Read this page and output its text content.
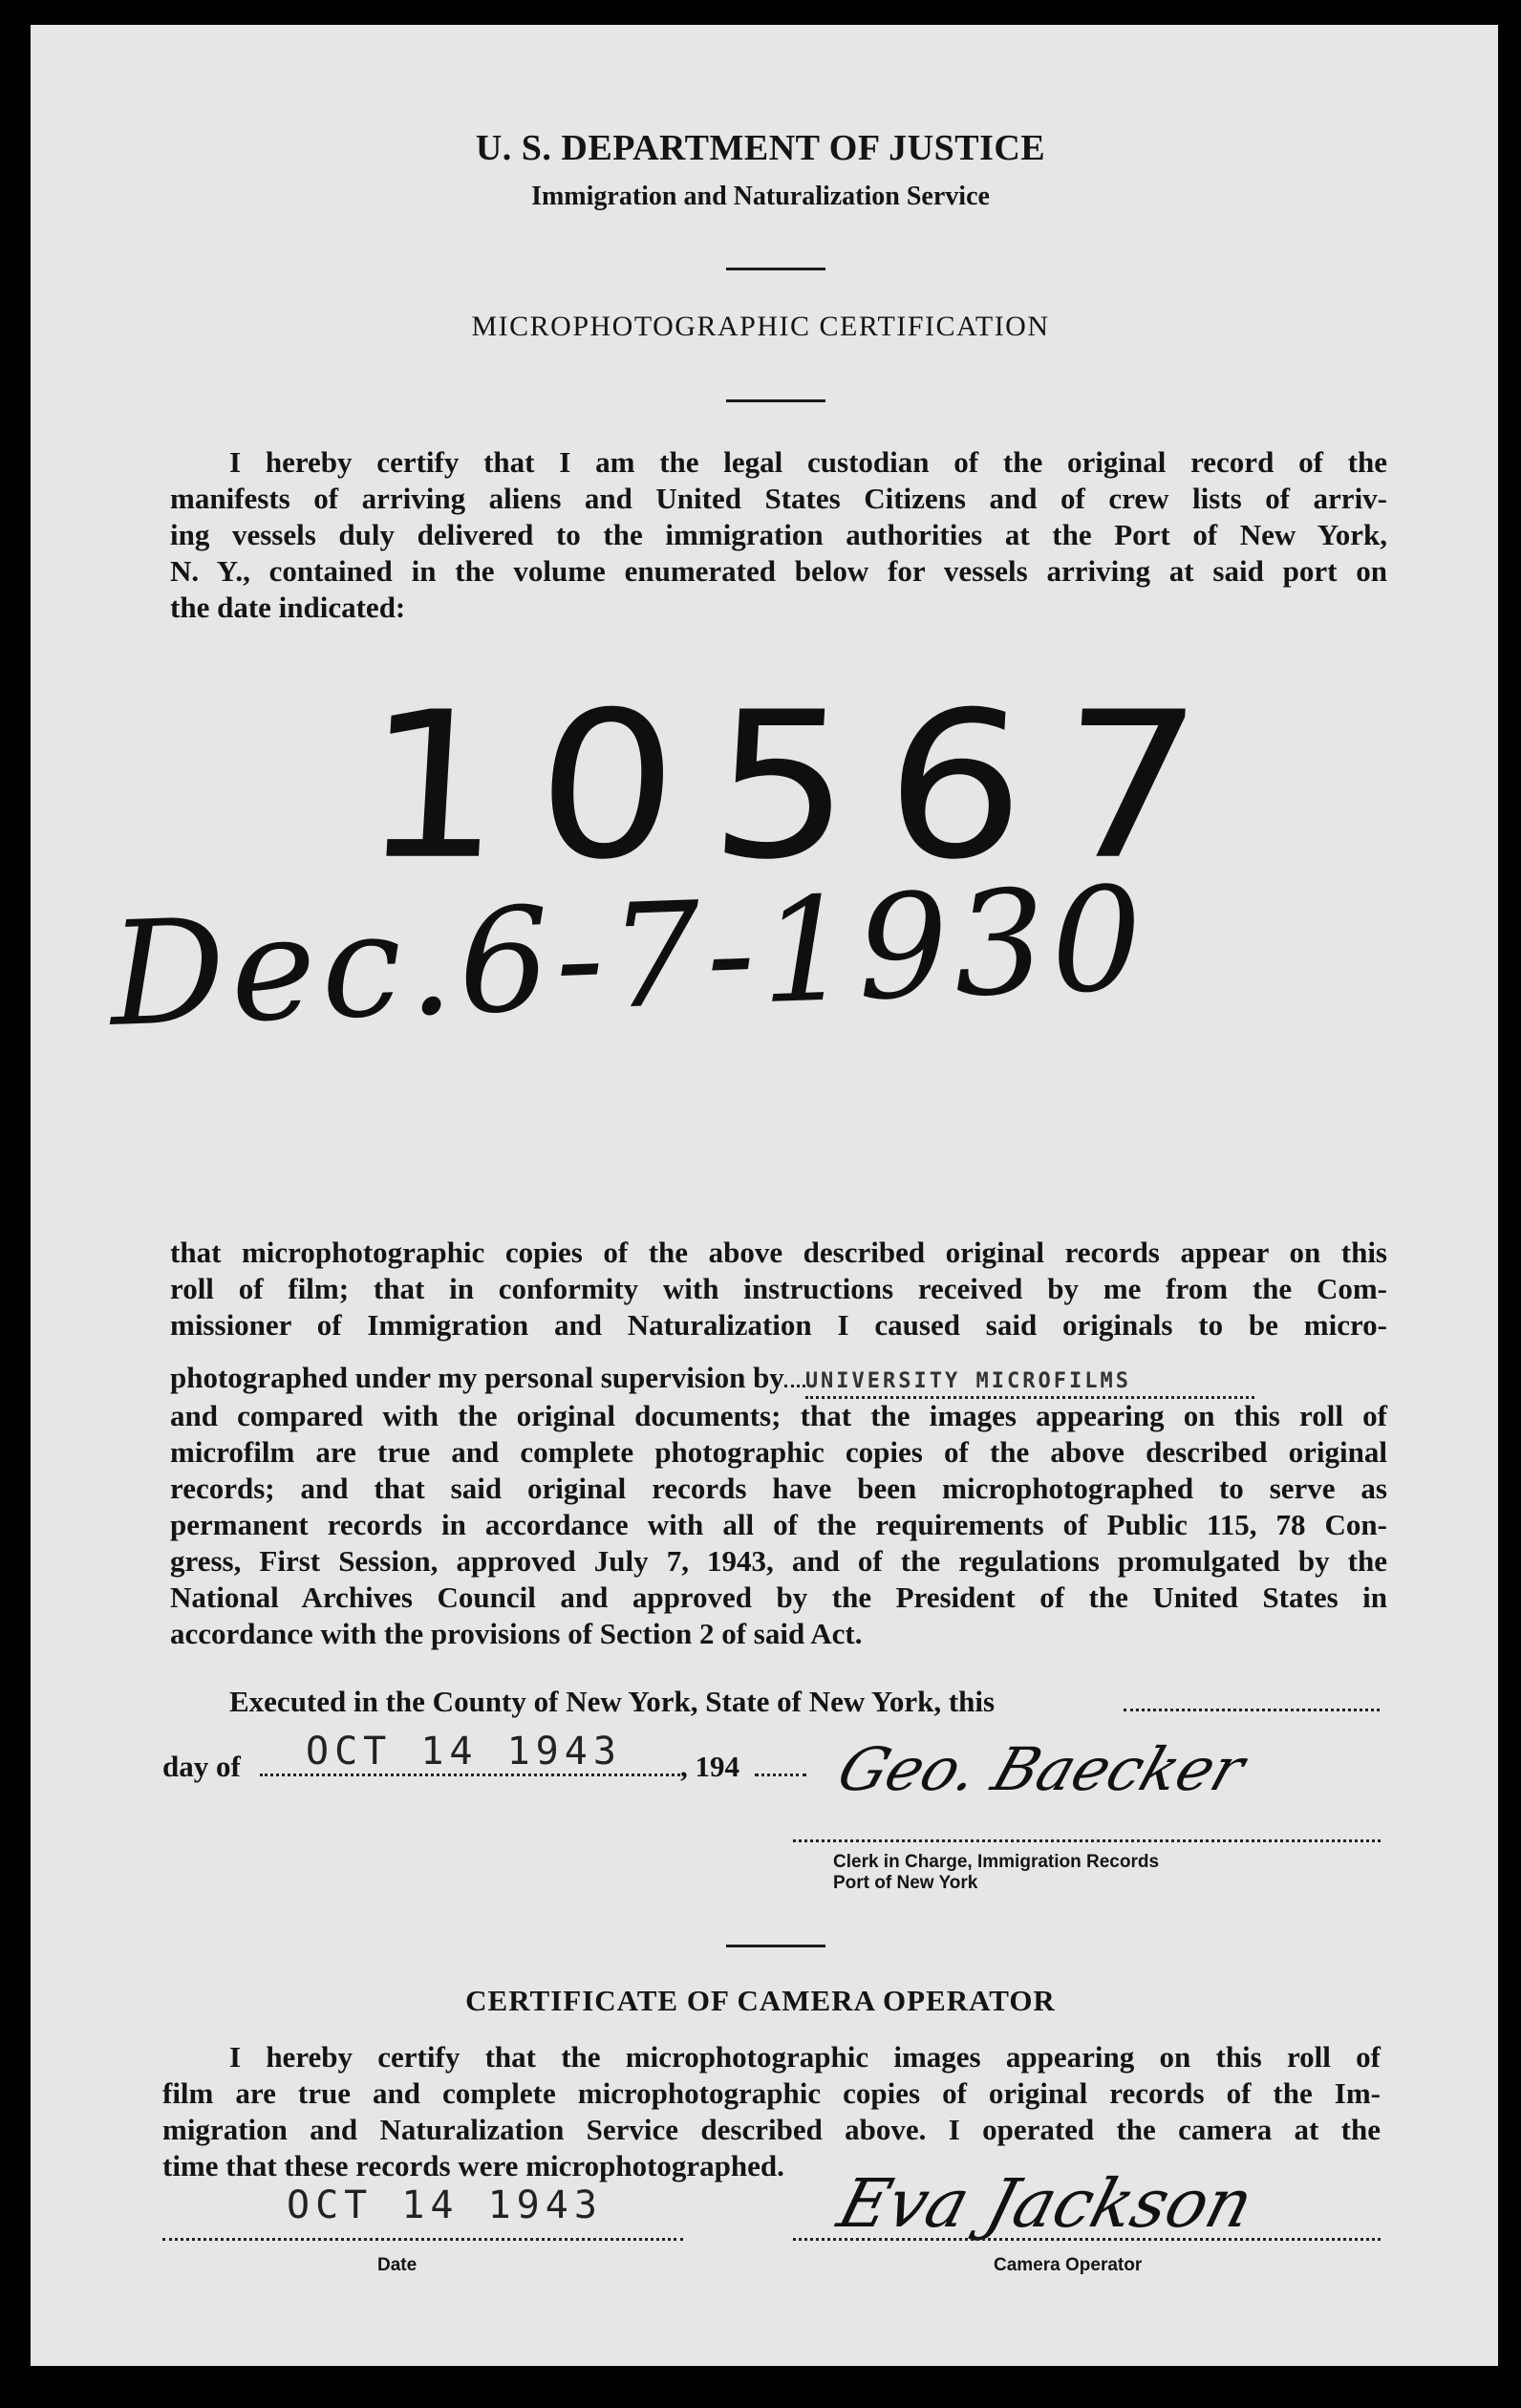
U. S. DEPARTMENT OF JUSTICE
Immigration and Naturalization Service
MICROPHOTOGRAPHIC CERTIFICATION
I hereby certify that I am the legal custodian of the original record of the
manifests of arriving aliens and United States Citizens and of crew lists of arriv-
ing vessels duly delivered to the immigration authorities at the Port of New York,
N. Y., contained in the volume enumerated below for vessels arriving at said port on
the date indicated:
10567
Dec.6-7-1930
that microphotographic copies of the above described original records appear on this
roll of film; that in conformity with instructions received by me from the Com-
missioner of Immigration and Naturalization I caused said originals to be micro-
photographed under my personal supervision by UNIVERSITY MICROFILMS
and compared with the original documents; that the images appearing on this roll of
microfilm are true and complete photographic copies of the above described original
records; and that said original records have been microphotographed to serve as
permanent records in accordance with all of the requirements of Public 115, 78 Con-
gress, First Session, approved July 7, 1943, and of the regulations promulgated by the
National Archives Council and approved by the President of the United States in
accordance with the provisions of Section 2 of said Act.
Executed in the County of New York, State of New York, this
day of OCT 14 1943 , 194 Geo. Baecker
Clerk in Charge, Immigration Records
Port of New York
CERTIFICATE OF CAMERA OPERATOR
I hereby certify that the microphotographic images appearing on this roll of
film are true and complete microphotographic copies of original records of the Im-
migration and Naturalization Service described above. I operated the camera at the
time that these records were microphotographed.
OCT 14 1943
Date
Eva Jackson
Camera Operator
